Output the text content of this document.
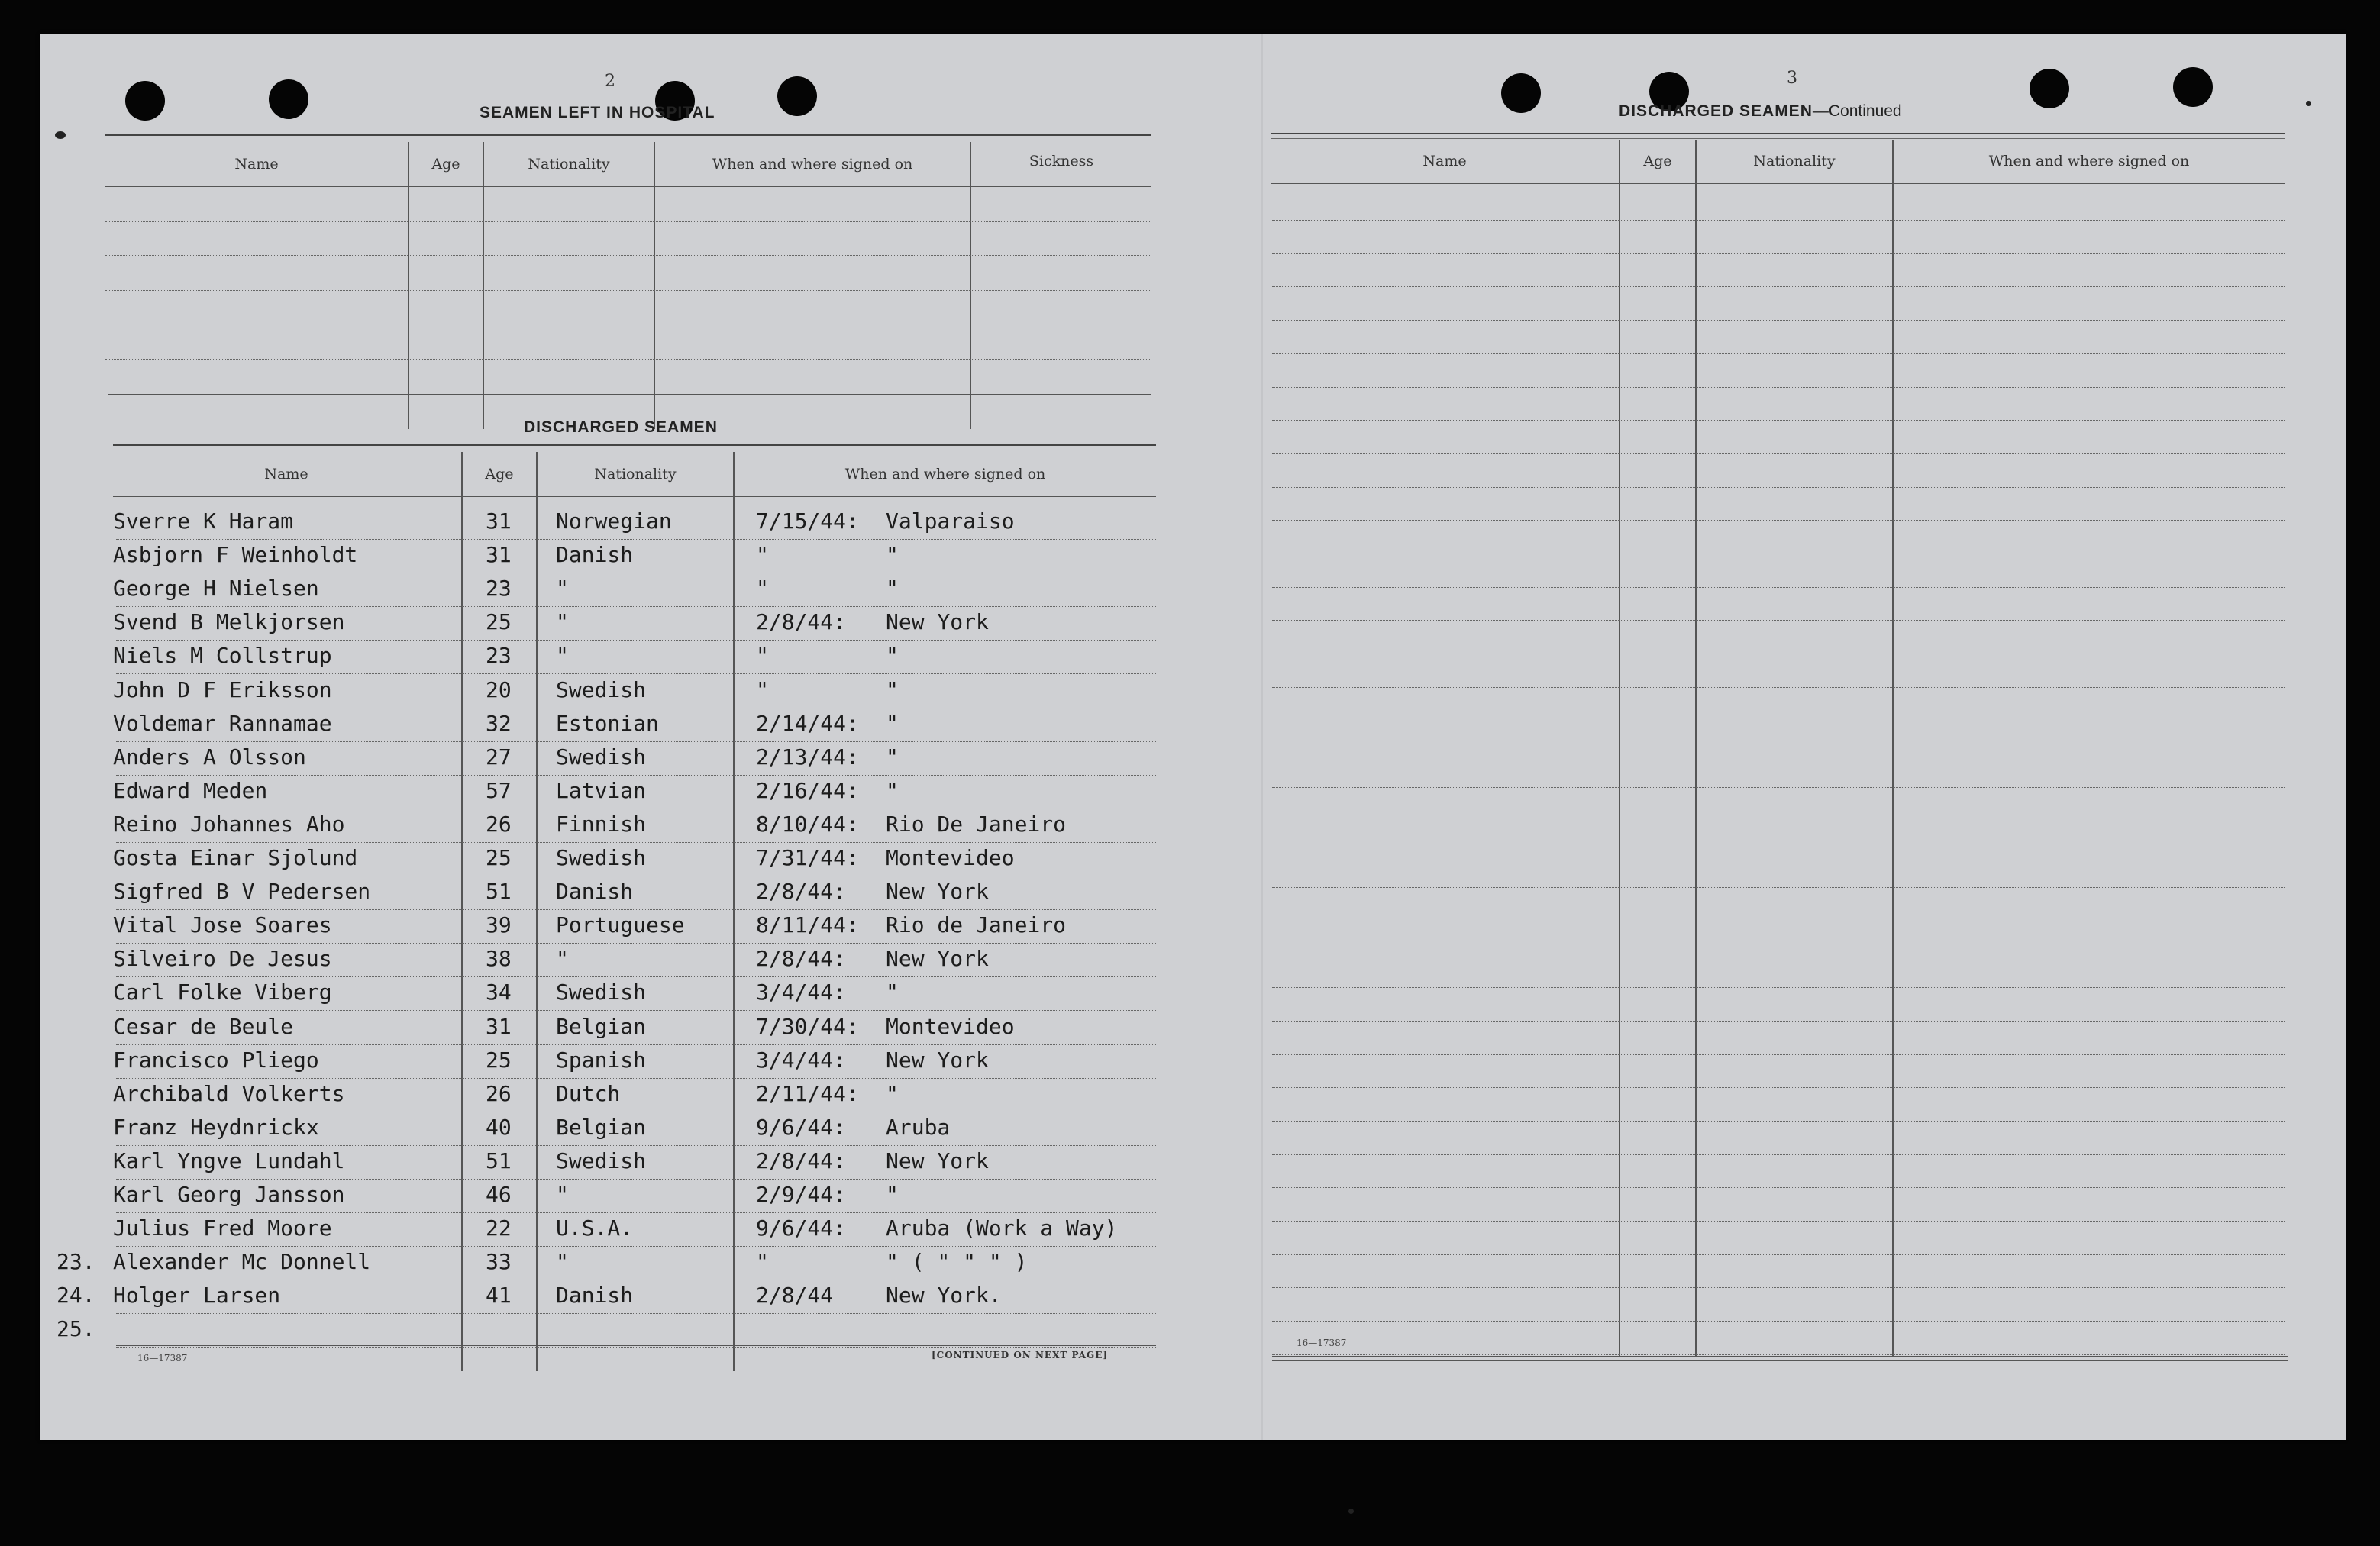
2
SEAMEN LEFT IN HOSPITAL
Name	Age	Nationality	When and where signed on	Sickness
DISCHARGED SEAMEN
Name	Age	Nationality	When and where signed on
Sverre K Haram	31 Norwegian	7/15/44: Valparaiso
Asbjorn F Weinholdt	31 Danish	"	"
George H Nielsen	23 "	"	"
Svend B Melkjorsen	25 "	2/8/44: New York
Niels M Collstrup	23 "	"	"
John D F Eriksson	20 Swedish	"	"
Voldemar Rannamae	32 Estonian	2/14/44: "
Anders A Olsson	27 Swedish	2/13/44: "
Edward Meden	57 Latvian	2/16/44: "
Reino Johannes Aho	26 Finnish	8/10/44: Rio De Janeiro
Gosta Einar Sjolund	25 Swedish	7/31/44: Montevideo
Sigfred B V Pedersen	51 Danish	2/8/44: New York
Vital Jose Soares	39 Portuguese	8/11/44: Rio de Janeiro
Silveiro De Jesus	38 "	2/8/44: New York
Carl Folke Viberg	34 Swedish	3/4/44: "
Cesar de Beule	31 Belgian	7/30/44: Montevideo
Francisco Pliego	25 Spanish	3/4/44: New York
Archibald Volkerts	26 Dutch	2/11/44: "
Franz Heydnrickx	40 Belgian	9/6/44: Aruba
Karl Yngve Lundahl	51 Swedish	2/8/44: New York
Karl Georg Jansson	46 "	2/9/44: "
Julius Fred Moore	22 U.S.A.	9/6/44: Aruba (Work a Way)
23. Alexander Mc Donnell	33 "	"	" ( " " " )
24. Holger Larsen	41 Danish	2/8/44 New York.
25.
16—17387	[CONTINUED ON NEXT PAGE]
3
DISCHARGED SEAMEN—Continued
Name	Age	Nationality	When and where signed on
16—17387
